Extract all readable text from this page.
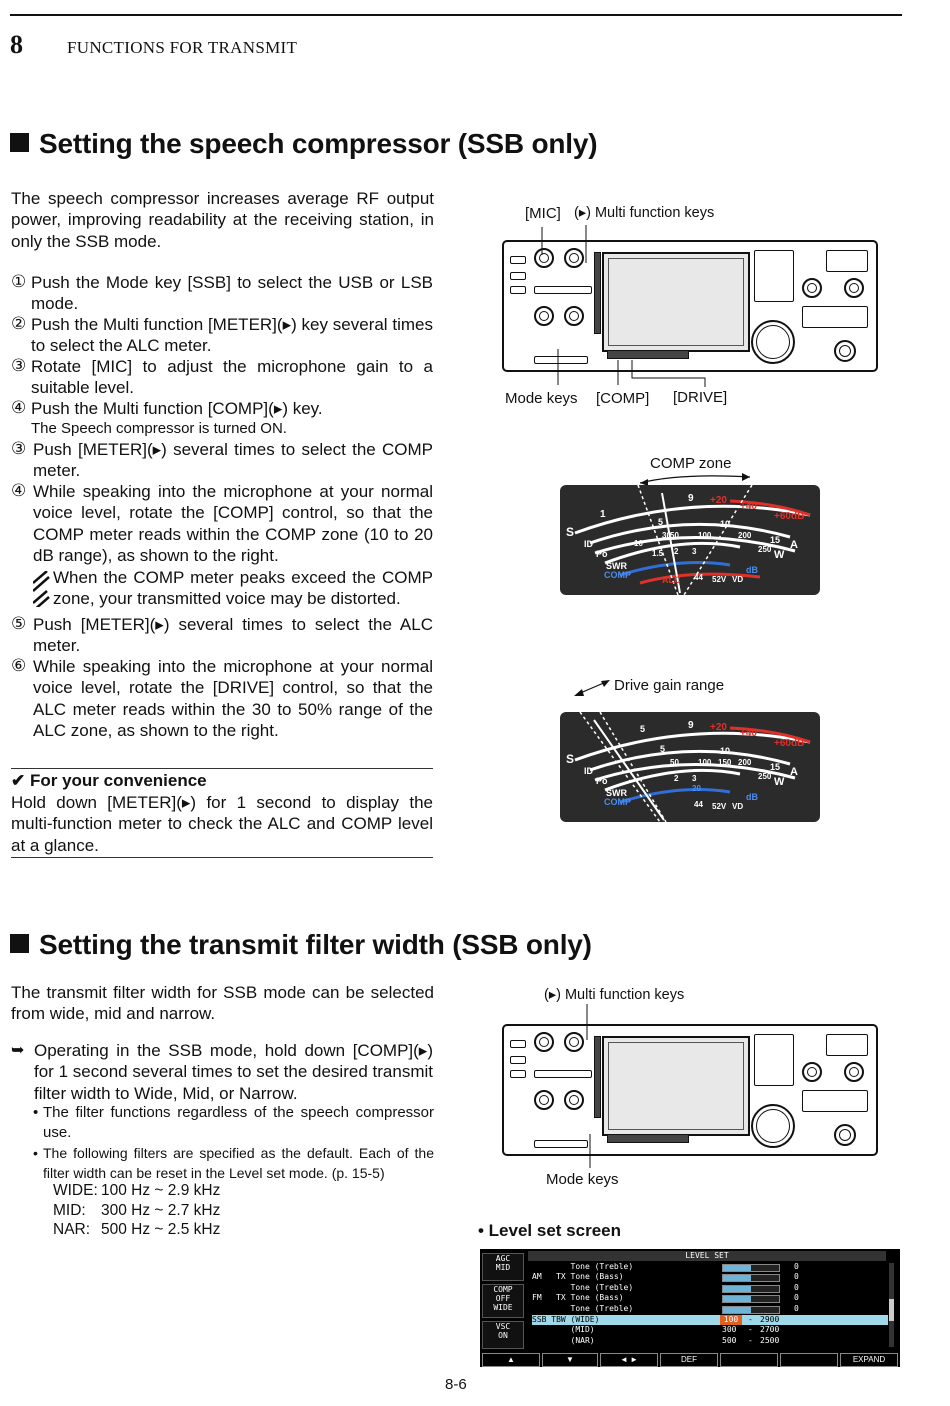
8	FUNCTIONS FOR TRANSMIT
Setting the speech compressor (SSB only)
The speech compressor increases average RF output power, improving readability at the receiving station, in only the SSB mode.
① Push the Mode key [SSB] to select the USB or LSB mode.
② Push the Multi function [METER](▸) key several times to select the ALC meter.
③ Rotate [MIC] to adjust the microphone gain to a suitable level.
④ Push the Multi function [COMP](▸) key.
The Speech compressor is turned ON.
③ Push [METER](▸) several times to select the COMP meter.
④ While speaking into the microphone at your normal voice level, rotate the [COMP] control, so that the COMP meter reads within the COMP zone (10 to 20 dB range), as shown to the right.
When the COMP meter peaks exceed the COMP zone, your transmitted voice may be distorted.
⑤ Push [METER](▸) several times to select the ALC meter.
⑥ While speaking into the microphone at your normal voice level, rotate the [DRIVE] control, so that the ALC meter reads within the 30 to 50% range of the ALC zone, as shown to the right.
✔ For your convenience
Hold down [METER](▸) for 1 second to display the multi-function meter to check the ALC and COMP level at a glance.
[MIC] (▸) Multi function keys
Mode keys [COMP] [DRIVE]
COMP zone
S
ID
Po
SWR
COMP	ALC
1
5
9 +20
+40
+60dB
10
15
50 100	200
250
30
10
1.5 2 3
44 52V VD
dB
A
W
Drive gain range
S
ID
Po
SWR
COMP
5	9 +20
+40
+60dB
5	10
15
50 100 150 200
250
2 3
20
44 52V VD
dB
A
W
Setting the transmit filter width (SSB only)
The transmit filter width for SSB mode can be selected from wide, mid and narrow.
➥ Operating in the SSB mode, hold down [COMP](▸) for 1 second several times to set the desired transmit filter width to Wide, Mid, or Narrow.
• The filter functions regardless of the speech compressor use.
• The following filters are specified as the default. Each of the filter width can be reset in the Level set mode. (p. 15-5)
WIDE: 100 Hz ~ 2.9 kHz
MID: 300 Hz ~ 2.7 kHz
NAR: 500 Hz ~ 2.5 kHz
(▸) Multi function keys
Mode keys
• Level set screen
LEVEL SET
AGC
MID
COMP
OFF
WIDE
VSC
ON
Tone (Treble)	0
AM   TX Tone (Bass)	0
Tone (Treble)	0
FM   TX Tone (Bass)	0
Tone (Treble)	0
SSB TBW (WIDE)	100	- 2900
(MID)	300 - 2700
(NAR)	500 - 2500
▲	▼	◄ ►	DEF	EXPAND
8-6
